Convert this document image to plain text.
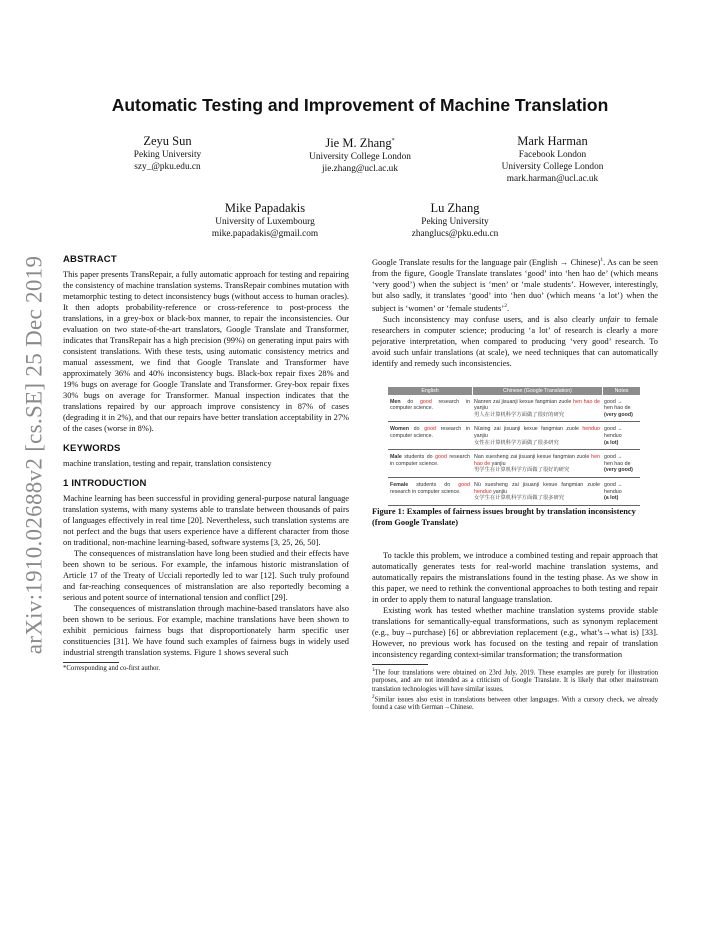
arXiv:1910.02688v2 [cs.SE] 25 Dec 2019
Automatic Testing and Improvement of Machine Translation
Zeyu Sun
Peking University
szy_@pku.edu.cn
Jie M. Zhang*
University College London
jie.zhang@ucl.ac.uk
Mark Harman
Facebook London
University College London
mark.harman@ucl.ac.uk
Mike Papadakis
University of Luxembourg
mike.papadakis@gmail.com
Lu Zhang
Peking University
zhanglucs@pku.edu.cn
ABSTRACT

This paper presents TransRepair, a fully automatic approach for testing and repairing the consistency of machine translation systems. TransRepair combines mutation with metamorphic testing to detect inconsistency bugs (without access to human oracles). It then adopts probability-reference or cross-reference to post-process the translations, in a grey-box or black-box manner, to repair the inconsistencies. Our evaluation on two state-of-the-art translators, Google Translate and Transformer, indicates that TransRepair has a high precision (99%) on generating input pairs with consistent translations. With these tests, using automatic consistency metrics and manual assessment, we find that Google Translate and Transformer have approximately 36% and 40% inconsistency bugs. Black-box repair fixes 28% and 19% bugs on average for Google Translate and Transformer. Grey-box repair fixes 30% bugs on average for Transformer. Manual inspection indicates that the translations repaired by our approach improve consistency in 87% of cases (degrading it in 2%), and that our repairs have better translation acceptability in 27% of the cases (worse in 8%).

KEYWORDS

machine translation, testing and repair, translation consistency

1 INTRODUCTION

Machine learning has been successful in providing general-purpose natural language translation systems, with many systems able to translate between thousands of pairs of languages effectively in real time [20]. Nevertheless, such translation systems are not perfect and the bugs that users experience have a different character from those on traditional, non-machine learning-based, software systems [3, 25, 26, 50].

The consequences of mistranslation have long been studied and their effects have been shown to be serious. For example, the infamous historic mistranslation of Article 17 of the Treaty of Ucciali reportedly led to war [12]. Such truly profound and far-reaching consequences of mistranslation are also reportedly becoming a serious and potent source of international tension and conflict [29].

The consequences of mistranslation through machine-based translators have also been shown to be serious. For example, machine translations have been shown to exhibit pernicious fairness bugs that disproportionately harm specific user constituencies [31]. We have found such examples of fairness bugs in widely used industrial strength translation systems. Figure 1 shows several such

*Corresponding and co-first author.

Google Translate results for the language pair (English → Chinese)$^1$. As can be seen from the figure, Google Translate translates ‘good’ into ‘hen hao de’ (which means ‘very good’) when the subject is ‘men’ or ‘male students’. However, interestingly, but also sadly, it translates ‘good’ into ‘hen duo’ (which means ‘a lot’) when the subject is ‘women’ or ‘female students’$^2$.

Such inconsistency may confuse users, and is also clearly unfair to female researchers in computer science; producing ‘a lot’ of research is clearly a more pejorative interpretation, when compared to producing ‘very good’ research. To avoid such unfair translations (at scale), we need techniques that can automatically identify and remedy such inconsistencies.

English	Chinese (Google Translation)	Notes
Men do good research in computer science.
Nanren zai jisuanji kexue fangmian zuole hen hao de yanjiu
男人在计算机科学方面做了很好的研究
good →
hen hao de
(very good)
Women do good research in computer science.
Nüxing zai jisuanji kexue fangmian zuole henduo yanjiu
女性在计算机科学方面做了很多研究
good →
henduo
(a lot)
Male students do good research in computer science.
Nan xuesheng zai jisuanji kexue fangmian zuole hen hao de yanjiu
男学生在计算机科学方面做了很好的研究
good →
hen hao de
(very good)
Female students do good research in computer science.
Nü xuesheng zai jisuanji kexue fangmian zuole henduo yanjiu
女学生在计算机科学方面做了很多研究
good →
henduo
(a lot)

Figure 1: Examples of fairness issues brought by translation inconsistency (from Google Translate)

To tackle this problem, we introduce a combined testing and repair approach that automatically generates tests for real-world machine translation systems, and automatically repairs the mistranslations found in the testing phase. As we show in this paper, we need to rethink the conventional approaches to both testing and repair in order to apply them to natural language translation.

Existing work has tested whether machine translation systems provide stable translations for semantically-equal transformations, such as synonym replacement (e.g., buy→purchase) [6] or abbreviation replacement (e.g., what’s→what is) [33]. However, no previous work has focused on the testing and repair of translation inconsistency regarding context-similar transformation; the transformation

$^1$The four translations were obtained on 23rd July, 2019. These examples are purely for illustration purposes, and are not intended as a criticism of Google Translate. It is likely that other mainstream translation technologies will have similar issues.

$^2$Similar issues also exist in translations between other languages. With a cursory check, we already found a case with German→Chinese.
